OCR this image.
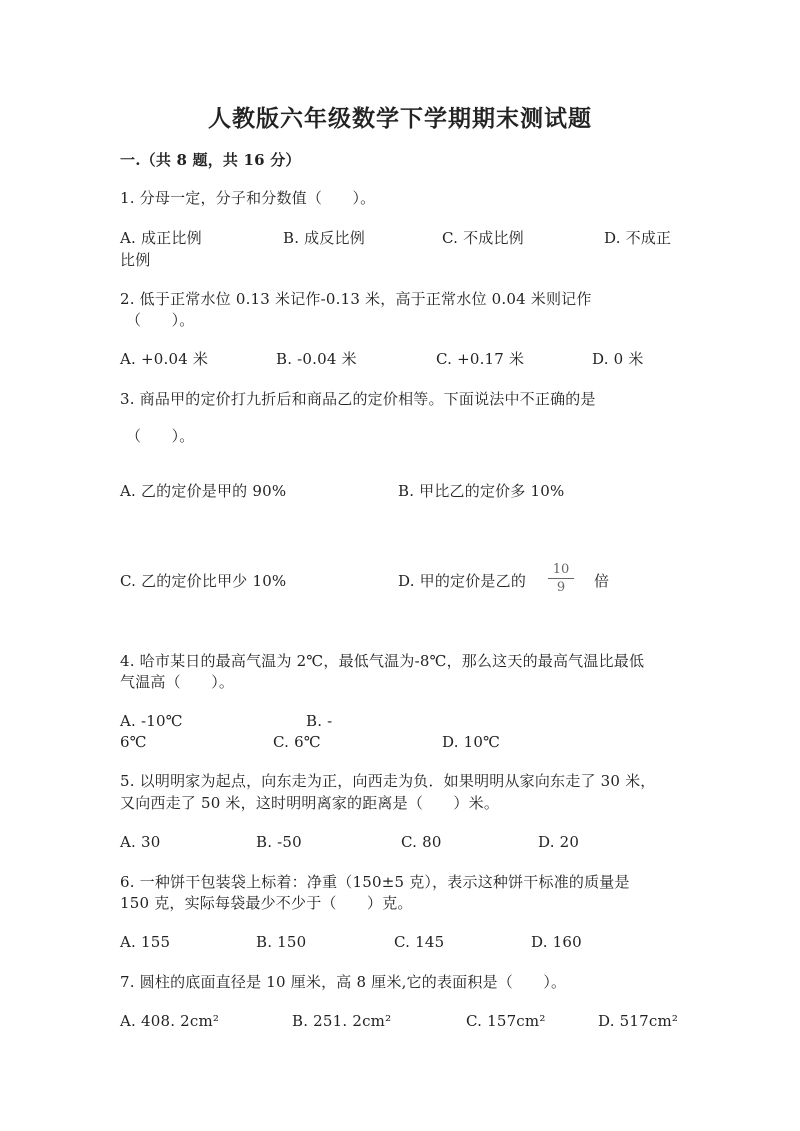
人教版六年级数学下学期期末测试题
一.（共 8 题，共 16 分）
1. 分母一定，分子和分数值（　　）。
A. 成正比例	B. 成反比例	C. 不成比例	D. 不成正
比例
2. 低于正常水位 0.13 米记作-0.13 米，高于正常水位 0.04 米则记作
（　　）。
A. +0.04 米	B. -0.04 米	C. +0.17 米	D. 0 米
3. 商品甲的定价打九折后和商品乙的定价相等。下面说法中不正确的是
（　　）。
A. 乙的定价是甲的 90%	B. 甲比乙的定价多 10%
C. 乙的定价比甲少 10%	D. 甲的定价是乙的 $\frac{10}{9}$ 倍
4. 哈市某日的最高气温为 2℃，最低气温为-8℃，那么这天的最高气温比最低
气温高（　　）。
A. -10℃	B. -
6℃	C. 6℃	D. 10℃
5. 以明明家为起点，向东走为正，向西走为负．如果明明从家向东走了 30 米，
又向西走了 50 米，这时明明离家的距离是（　　）米。
A. 30	B. -50	C. 80	D. 20
6. 一种饼干包装袋上标着：净重（150±5 克），表示这种饼干标准的质量是
150 克，实际每袋最少不少于（　　）克。
A. 155	B. 150	C. 145	D. 160
7. 圆柱的底面直径是 10 厘米，高 8 厘米,它的表面积是（　　）。
A. 408. 2cm²	B. 251. 2cm²	C. 157cm²	D. 517cm²
